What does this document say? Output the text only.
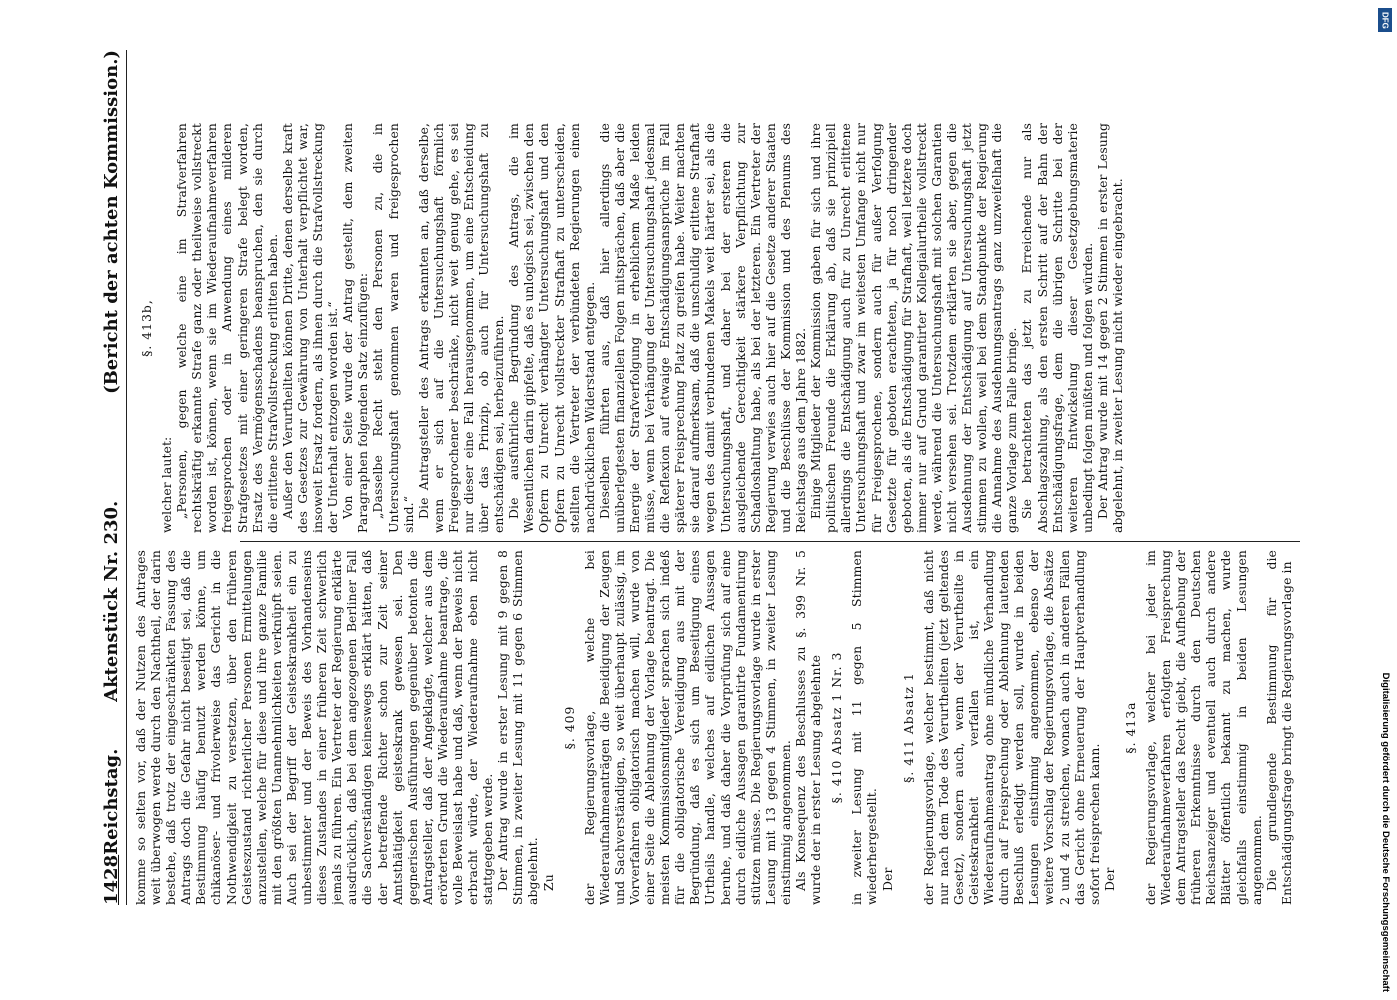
1428
Reichstag.
Aktenstück Nr. 230.
(Bericht der achten Kommission.)

komme so selten vor, daß der Nutzen des Antrages weit überwogen werde durch den Nachtheil, der darin bestehe, daß trotz der eingeschränkten Fassung des Antrags doch die Gefahr nicht beseitigt sei, daß die Bestimmung häufig benutzt werden könne, um chikanöser- und frivolerweise das Gericht in die Nothwendigkeit zu versetzen, über den früheren Geisteszustand richterlicher Personen Ermittelungen anzustellen, welche für diese und ihre ganze Familie mit den größten Unannehmlichkeiten verknüpft seien. Auch sei der Begriff der Geisteskrankheit ein zu unbestimmter und der Beweis des Vorhandenseins dieses Zustandes in einer früheren Zeit schwerlich jemals zu führen. Ein Vertreter der Regierung erklärte ausdrücklich, daß bei dem angezogenen Berliner Fall die Sachverständigen keineswegs erklärt hätten, daß der betreffende Richter schon zur Zeit seiner Amtsthätigkeit geisteskrank gewesen sei. Den gegnerischen Ausführungen gegenüber betonten die Antragsteller, daß der Angeklagte, welcher aus dem erörterten Grund die Wiederaufnahme beantrage, die volle Beweislast habe und daß, wenn der Beweis nicht erbracht würde, der Wiederaufnahme eben nicht stattgegeben werde. Der Antrag wurde in erster Lesung mit 9 gegen 8 Stimmen, in zweiter Lesung mit 11 gegen 6 Stimmen abgelehnt. Zu

§. 409 der Regierungsvorlage, welche bei Wiederaufnahmeanträgen die Beeidigung der Zeugen und Sachverständigen, so weit überhaupt zulässig, im Vorverfahren obligatorisch machen will, wurde von einer Seite die Ablehnung der Vorlage beantragt. Die meisten Kommissionsmitglieder sprachen sich indeß für die obligatorische Vereidigung aus mit der Begründung, daß es sich um Beseitigung eines Urtheils handle, welches auf eidlichen Aussagen beruhe, und daß daher die Vorprüfung sich auf eine durch eidliche Aussagen garantirte Fundamentirung stützen müsse. Die Regierungsvorlage wurde in erster Lesung mit 13 gegen 4 Stimmen, in zweiter Lesung einstimmig angenommen. Als Konsequenz des Beschlusses zu §. 399 Nr. 5 wurde der in erster Lesung abgelehnte §. 410 Absatz 1 Nr. 3 in zweiter Lesung mit 11 gegen 5 Stimmen wiederhergestellt. Der

§. 411 Absatz 1 der Regierungsvorlage, welcher bestimmt, daß nicht nur nach dem Tode des Verurtheilten (jetzt geltendes Gesetz), sondern auch, wenn der Verurtheilte in Geisteskrankheit verfallen ist, ein Wiederaufnahmeantrag ohne mündliche Verhandlung durch auf Freisprechung oder Ablehnung lautenden Beschluß erledigt werden soll, wurde in beiden Lesungen einstimmig angenommen, ebenso der weitere Vorschlag der Regierungsvorlage, die Absätze 2 und 4 zu streichen, wonach auch in anderen Fällen das Gericht ohne Erneuerung der Hauptverhandlung sofort freisprechen kann. Der

§. 413a der Regierungsvorlage, welcher bei jeder im Wiederaufnahmeverfahren erfolgten Freisprechung dem Antragsteller das Recht giebt, die Aufhebung der früheren Erkenntnisse durch den Deutschen Reichsanzeiger und eventuell auch durch andere Blätter öffentlich bekannt zu machen, wurde gleichfalls einstimmig in beiden Lesungen angenommen. Die grundlegende Bestimmung für die Entschädigungsfrage bringt die Regierungsvorlage in

§. 413b,

welcher lautet: „Personen, gegen welche eine im Strafverfahren rechtskräftig erkannte Strafe ganz oder theilweise vollstreckt worden ist, können, wenn sie im Wiederaufnahmeverfahren freigesprochen oder in Anwendung eines milderen Strafgesetzes mit einer geringeren Strafe belegt worden, Ersatz des Vermögensschadens beanspruchen, den sie durch die erlittene Strafvollstreckung erlitten haben. Außer den Verurtheilten können Dritte, denen derselbe kraft des Gesetzes zur Gewährung von Unterhalt verpflichtet war, insoweit Ersatz fordern, als ihnen durch die Strafvollstreckung der Unterhalt entzogen worden ist.“ Von einer Seite wurde der Antrag gestellt, dem zweiten Paragraphen folgenden Satz einzufügen: „Dasselbe Recht steht den Personen zu, die in Untersuchungshaft genommen waren und freigesprochen sind.“ Die Antragsteller des Antrags erkannten an, daß derselbe, wenn er sich auf die Untersuchungshaft förmlich Freigesprochener beschränke, nicht weit genug gehe, es sei nur dieser eine Fall herausgenommen, um eine Entscheidung über das Prinzip, ob auch für Untersuchungshaft zu entschädigen sei, herbeizuführen. Die ausführliche Begründung des Antrags, die im Wesentlichen darin gipfelte, daß es unlogisch sei, zwischen den Opfern zu Unrecht verhängter Untersuchungshaft und den Opfern zu Unrecht vollstreckter Strafhaft zu unterscheiden, stellten die Vertreter der verbündeten Regierungen einen nachdrücklichen Widerstand entgegen. Dieselben führten aus, daß hier allerdings die unüberlegtesten finanziellen Folgen mitsprächen, daß aber die Energie der Strafverfolgung in erheblichem Maße leiden müsse, wenn bei Verhängung der Untersuchungshaft jedesmal die Reflexion auf etwaige Entschädigungsansprüche im Fall späterer Freisprechung Platz zu greifen habe. Weiter machten sie darauf aufmerksam, daß die unschuldig erlittene Strafhaft wegen des damit verbundenen Makels weit härter sei, als die Untersuchungshaft, und daher bei der ersteren die ausgleichende Gerechtigkeit stärkere Verpflichtung zur Schadloshaltung habe, als bei der letzteren. Ein Vertreter der Regierung verwies auch hier auf die Gesetze anderer Staaten und die Beschlüsse der Kommission und des Plenums des Reichstags aus dem Jahre 1882. Einige Mitglieder der Kommission gaben für sich und ihre politischen Freunde die Erklärung ab, daß sie prinzipiell allerdings die Entschädigung auch für zu Unrecht erlittene Untersuchungshaft und zwar im weitesten Umfange nicht nur für Freigesprochene, sondern auch für außer Verfolgung Gesetzte für geboten erachteten, ja für noch dringender geboten, als die Entschädigung für Strafhaft, weil letztere doch immer nur auf Grund garantirter Kollegialurtheile vollstreckt werde, während die Untersuchungshaft mit solchen Garantien nicht versehen sei. Trotzdem erklärten sie aber, gegen die Ausdehnung der Entschädigung auf Untersuchungshaft jetzt stimmen zu wollen, weil bei dem Standpunkte der Regierung die Annahme des Ausdehnungsantrags ganz unzweifelhaft die ganze Vorlage zum Falle bringe. Sie betrachteten das jetzt zu Erreichende nur als Abschlagszahlung, als den ersten Schritt auf der Bahn der Entschädigungsfrage, dem die übrigen Schritte bei der weiteren Entwickelung dieser Gesetzgebungsmaterie unbedingt folgen müßten und folgen würden. Der Antrag wurde mit 14 gegen 2 Stimmen in erster Lesung abgelehnt, in zweiter Lesung nicht wieder eingebracht.

Digitalisierung gefördert durch die Deutsche Forschungsgemeinschaft
DFG
